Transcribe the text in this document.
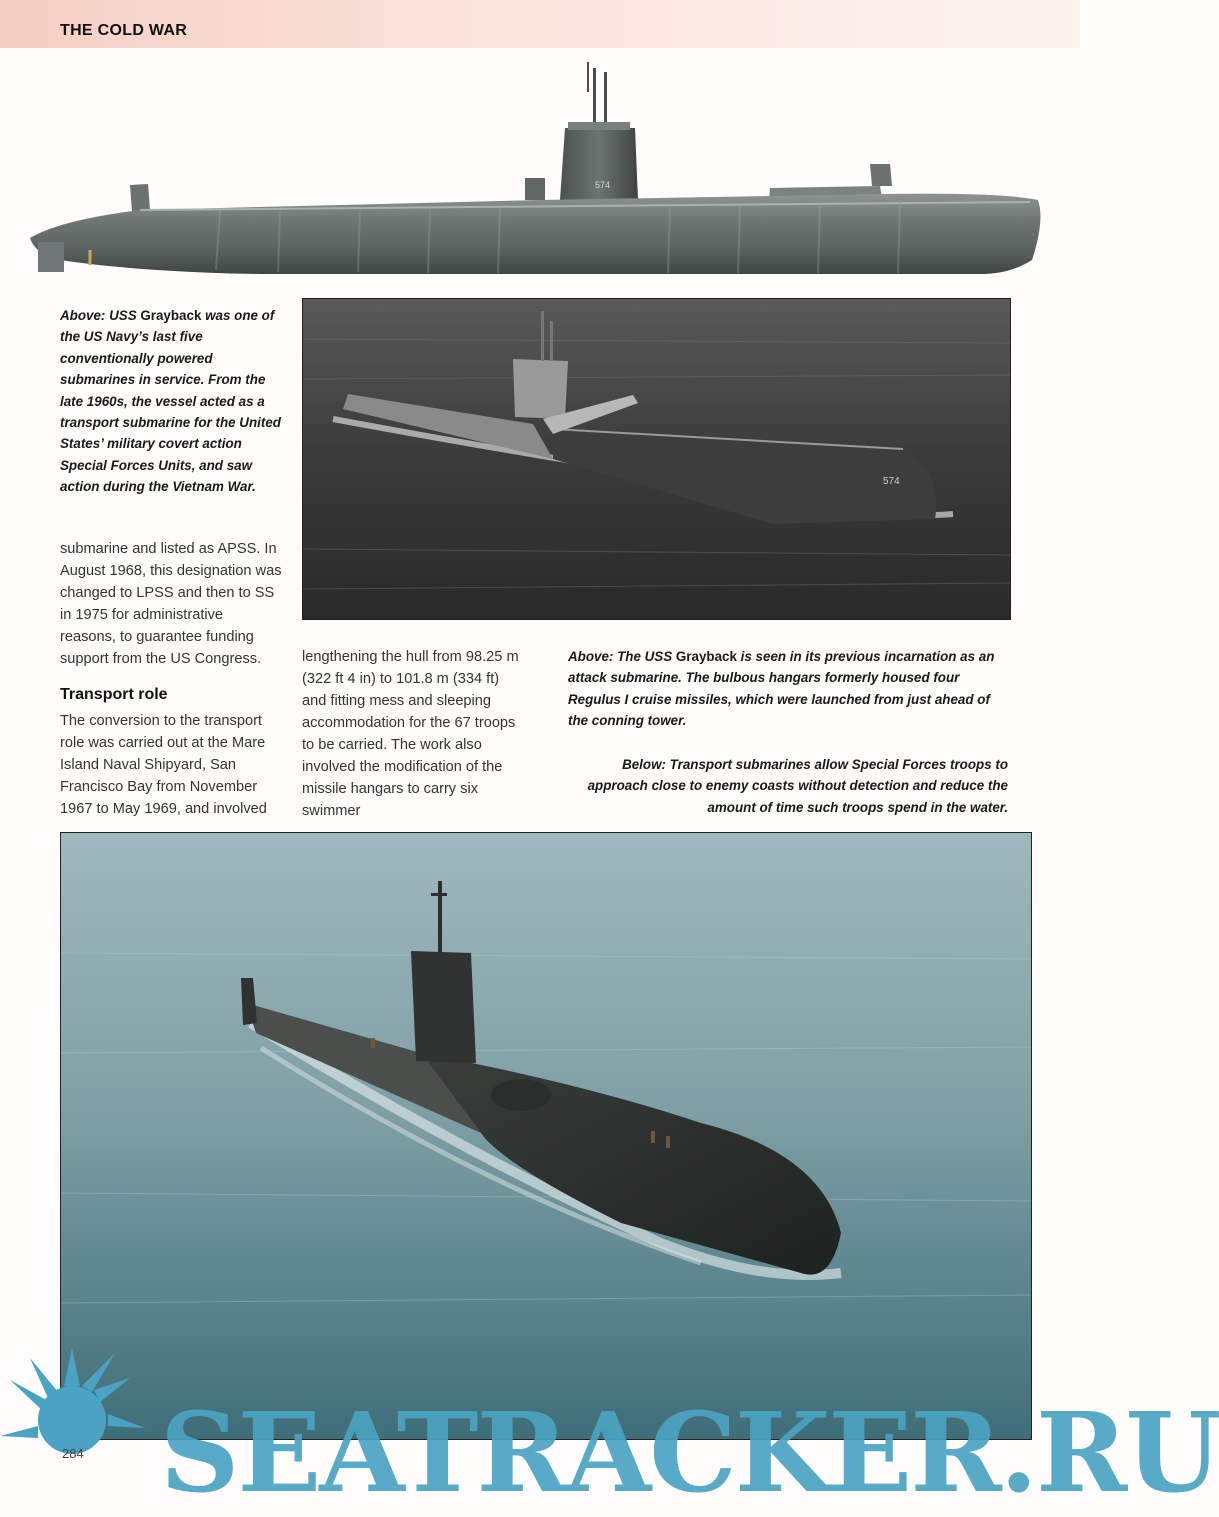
THE COLD WAR
574

Above: USS Grayback was one of the US Navy’s last five conventionally powered submarines in service. From the late 1960s, the vessel acted as a transport submarine for the United States’ military covert action Special Forces Units, and saw action during the Vietnam War.	574

submarine and listed as APSS. In August 1968, this designation was changed to LPSS and then to SS in 1975 for administrative reasons, to guarantee funding support from the US Congress.

Transport role

The conversion to the transport role was carried out at the Mare Island Naval Shipyard, San Francisco Bay from November 1967 to May 1969, and involved

lengthening the hull from 98.25 m (322 ft 4 in) to 101.8 m (334 ft) and fitting mess and sleeping accommodation for the 67 troops to be carried. The work also involved the modification of the missile hangars to carry six swimmer

Above: The USS Grayback is seen in its previous incarnation as an attack submarine. The bulbous hangars formerly housed four Regulus I cruise missiles, which were launched from just ahead of the conning tower.

Below: Transport submarines allow Special Forces troops to approach close to enemy coasts without detection and reduce the amount of time such troops spend in the water.

SEATRACKER.RU
284
